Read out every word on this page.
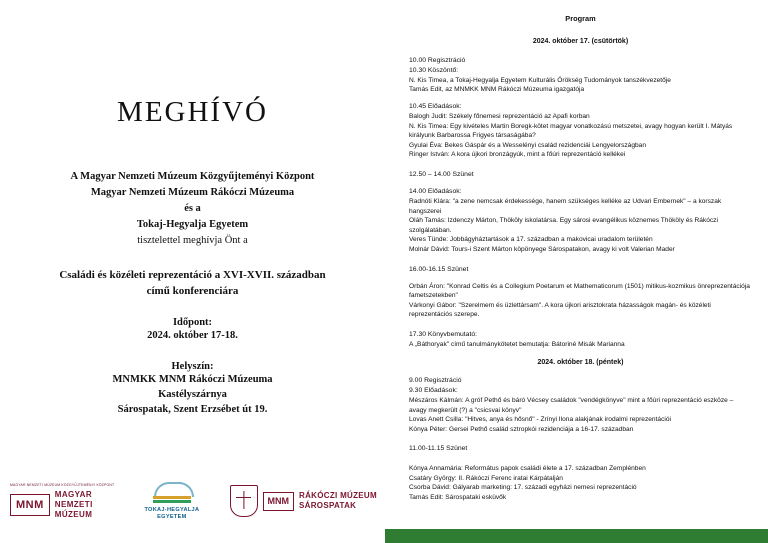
MEGHÍVÓ
A Magyar Nemzeti Múzeum Közgyűjteményi Központ
Magyar Nemzeti Múzeum Rákóczi Múzeuma
és a
Tokaj-Hegyalja Egyetem
tisztelettel meghívja Önt a
Családi és közéleti reprezentáció a XVI-XVII. században
című konferenciára
Időpont:
2024. október 17-18.
Helyszín:
MNMKK MNM Rákóczi Múzeuma
Kastélyszárnya
Sárospatak, Szent Erzsébet út 19.
MAGYAR NEMZETI MÚZEUM KÖZGYŰJTEMÉNYI KÖZPONT
MNM
MAGYAR
NEMZETI
MÚZEUM	TOKAJ-HEGYALJA
EGYETEM
MNM	RÁKÓCZI MÚZEUM
SÁROSPATAK
Program
2024. október 17. (csütörtök)
10.00 Regisztráció
10.30 Köszöntő:
N. Kis Timea, a Tokaj-Hegyalja Egyetem Kulturális Örökség Tudományok tanszékvezetője
Tamás Edit, az MNMKK MNM Rákóczi Múzeuma igazgatója
10.45 Előadások:
Balogh Judit: Székely főnemesi reprezentáció az Apafi korban
N. Kis Timea: Egy kivételes Martin Boregk-kötet magyar vonatkozású metszetei, avagy hogyan került I. Mátyás királyunk Barbarossa Frigyes társaságába?
Gyulai Éva: Bekes Gáspár és a Wesselényi család rezidenciái Lengyelországban
Ringer István: A kora újkori bronzágyúk, mint a főúri reprezentáció kellékei
12.50 – 14.00 Szünet
14.00 Előadások:
Radnóti Klára: "a zene nemcsak érdekessége, hanem szükséges kelléke az Udvari Embernek" – a korszak hangszerei
Oláh Tamás: Izdenczy Márton, Thököly iskolatársa. Egy sárosi evangélikus köznemes Thököly és Rákóczi szolgálatában.
Veres Tünde: Jobbágyháztartások a 17. században a makovicai uradalom területén
Molnár Dávid: Tours-i Szent Márton köpönyege Sárospatakon, avagy ki volt Valerian Mader
16.00-16.15 Szünet
Orbán Áron: "Konrad Celtis és a Collegium Poetarum et Mathematicorum (1501) mitikus-kozmikus önreprezentációja fametszetekben"
Várkonyi Gábor: "Szerelmem és üzlettársam". A kora újkori arisztokrata házasságok magán- és közéleti reprezentációs szerepe.
17.30 Könyvbemutató:
A „Báthoryak" című tanulmánykötetet bemutatja: Bátoriné Misák Marianna
2024. október 18. (péntek)
9.00 Regisztráció
9.30 Előadások:
Mészáros Kálmán: A gróf Pethő és báró Vécsey családok "vendégkönyve" mint a főúri reprezentáció eszköze – avagy megkerült (?) a "csicsvai könyv"
Lovas Anett Csilla: "Hitves, anya és hősnő" - Zrínyi Ilona alakjának irodalmi reprezentációi
Kónya Péter: Gersei Pethő család sztropkói rezidenciája a 16-17. században
11.00-11.15 Szünet
Kónya Annamária: Református papok családi élete a 17. században Zemplénben
Csatáry György: II. Rákóczi Ferenc iratai Kárpátalján
Csorba Dávid: Gályarab marketing: 17. századi egyházi nemesi reprezentáció
Tamás Edit: Sárospataki esküvők
